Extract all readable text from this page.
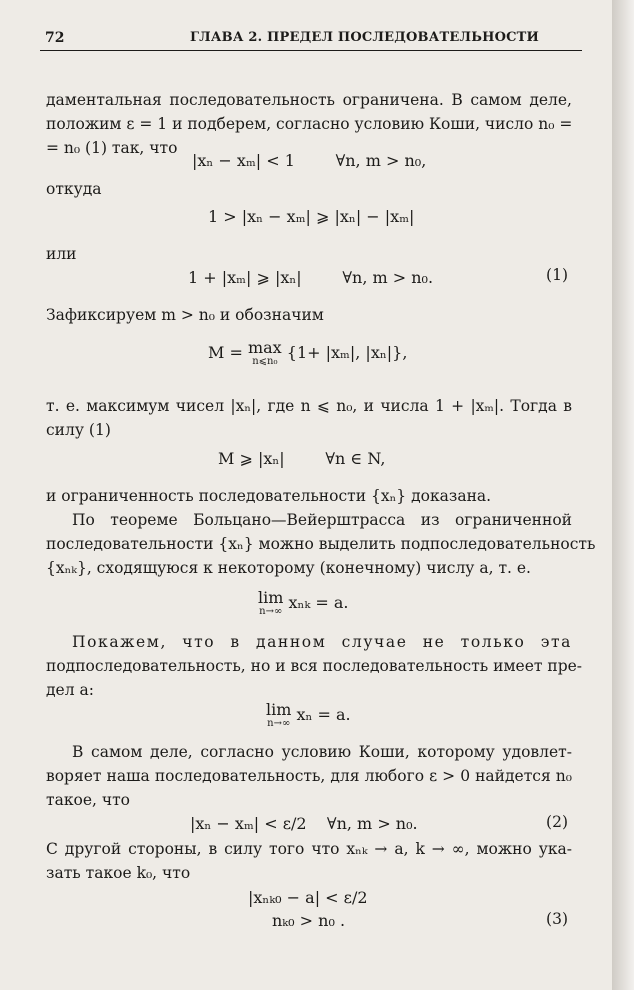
72	ГЛАВА 2. ПРЕДЕЛ ПОСЛЕДОВАТЕЛЬНОСТИ
даментальная последовательность ограничена. В самом деле,
положим ε = 1 и подберем, согласно условию Коши, число n₀ =
= n₀ (1) так, что
|xₙ − xₘ| < 1        ∀n, m > n₀,
откуда
1 > |xₙ − xₘ| ⩾ |xₙ| − |xₘ|
или
1 + |xₘ| ⩾ |xₙ|        ∀n, m > n₀.	(1)
Зафиксируем m > n₀ и обозначим
M = max
n⩽n₀ {1+ |xₘ|, |xₙ|},
т. е. максимум чисел |xₙ|, где n ⩽ n₀, и числа 1 + |xₘ|. Тогда в
силу (1)
M ⩾ |xₙ|        ∀n ∈ N,
и ограниченность последовательности {xₙ} доказана.
По теореме Больцано—Вейерштрасса из ограниченной
последовательности {xₙ} можно выделить подпоследовательность
{xₙₖ}, сходящуюся к некоторому (конечному) числу a, т. е.
lim
n→∞ xₙₖ = a.
Покажем, что в данном случае не только эта
подпоследовательность, но и вся последовательность имеет пре-
дел a:
lim
n→∞ xₙ = a.
В самом деле, согласно условию Коши, которому удовлет-
воряет наша последовательность, для любого ε > 0 найдется n₀
такое, что
|xₙ − xₘ| < ε/2    ∀n, m > n₀.	(2)
С другой стороны, в силу того что xₙₖ → a, k → ∞, можно ука-
зать такое k₀, что
|xₙₖ₀ − a| < ε/2
nₖ₀ > n₀ .	(3)
